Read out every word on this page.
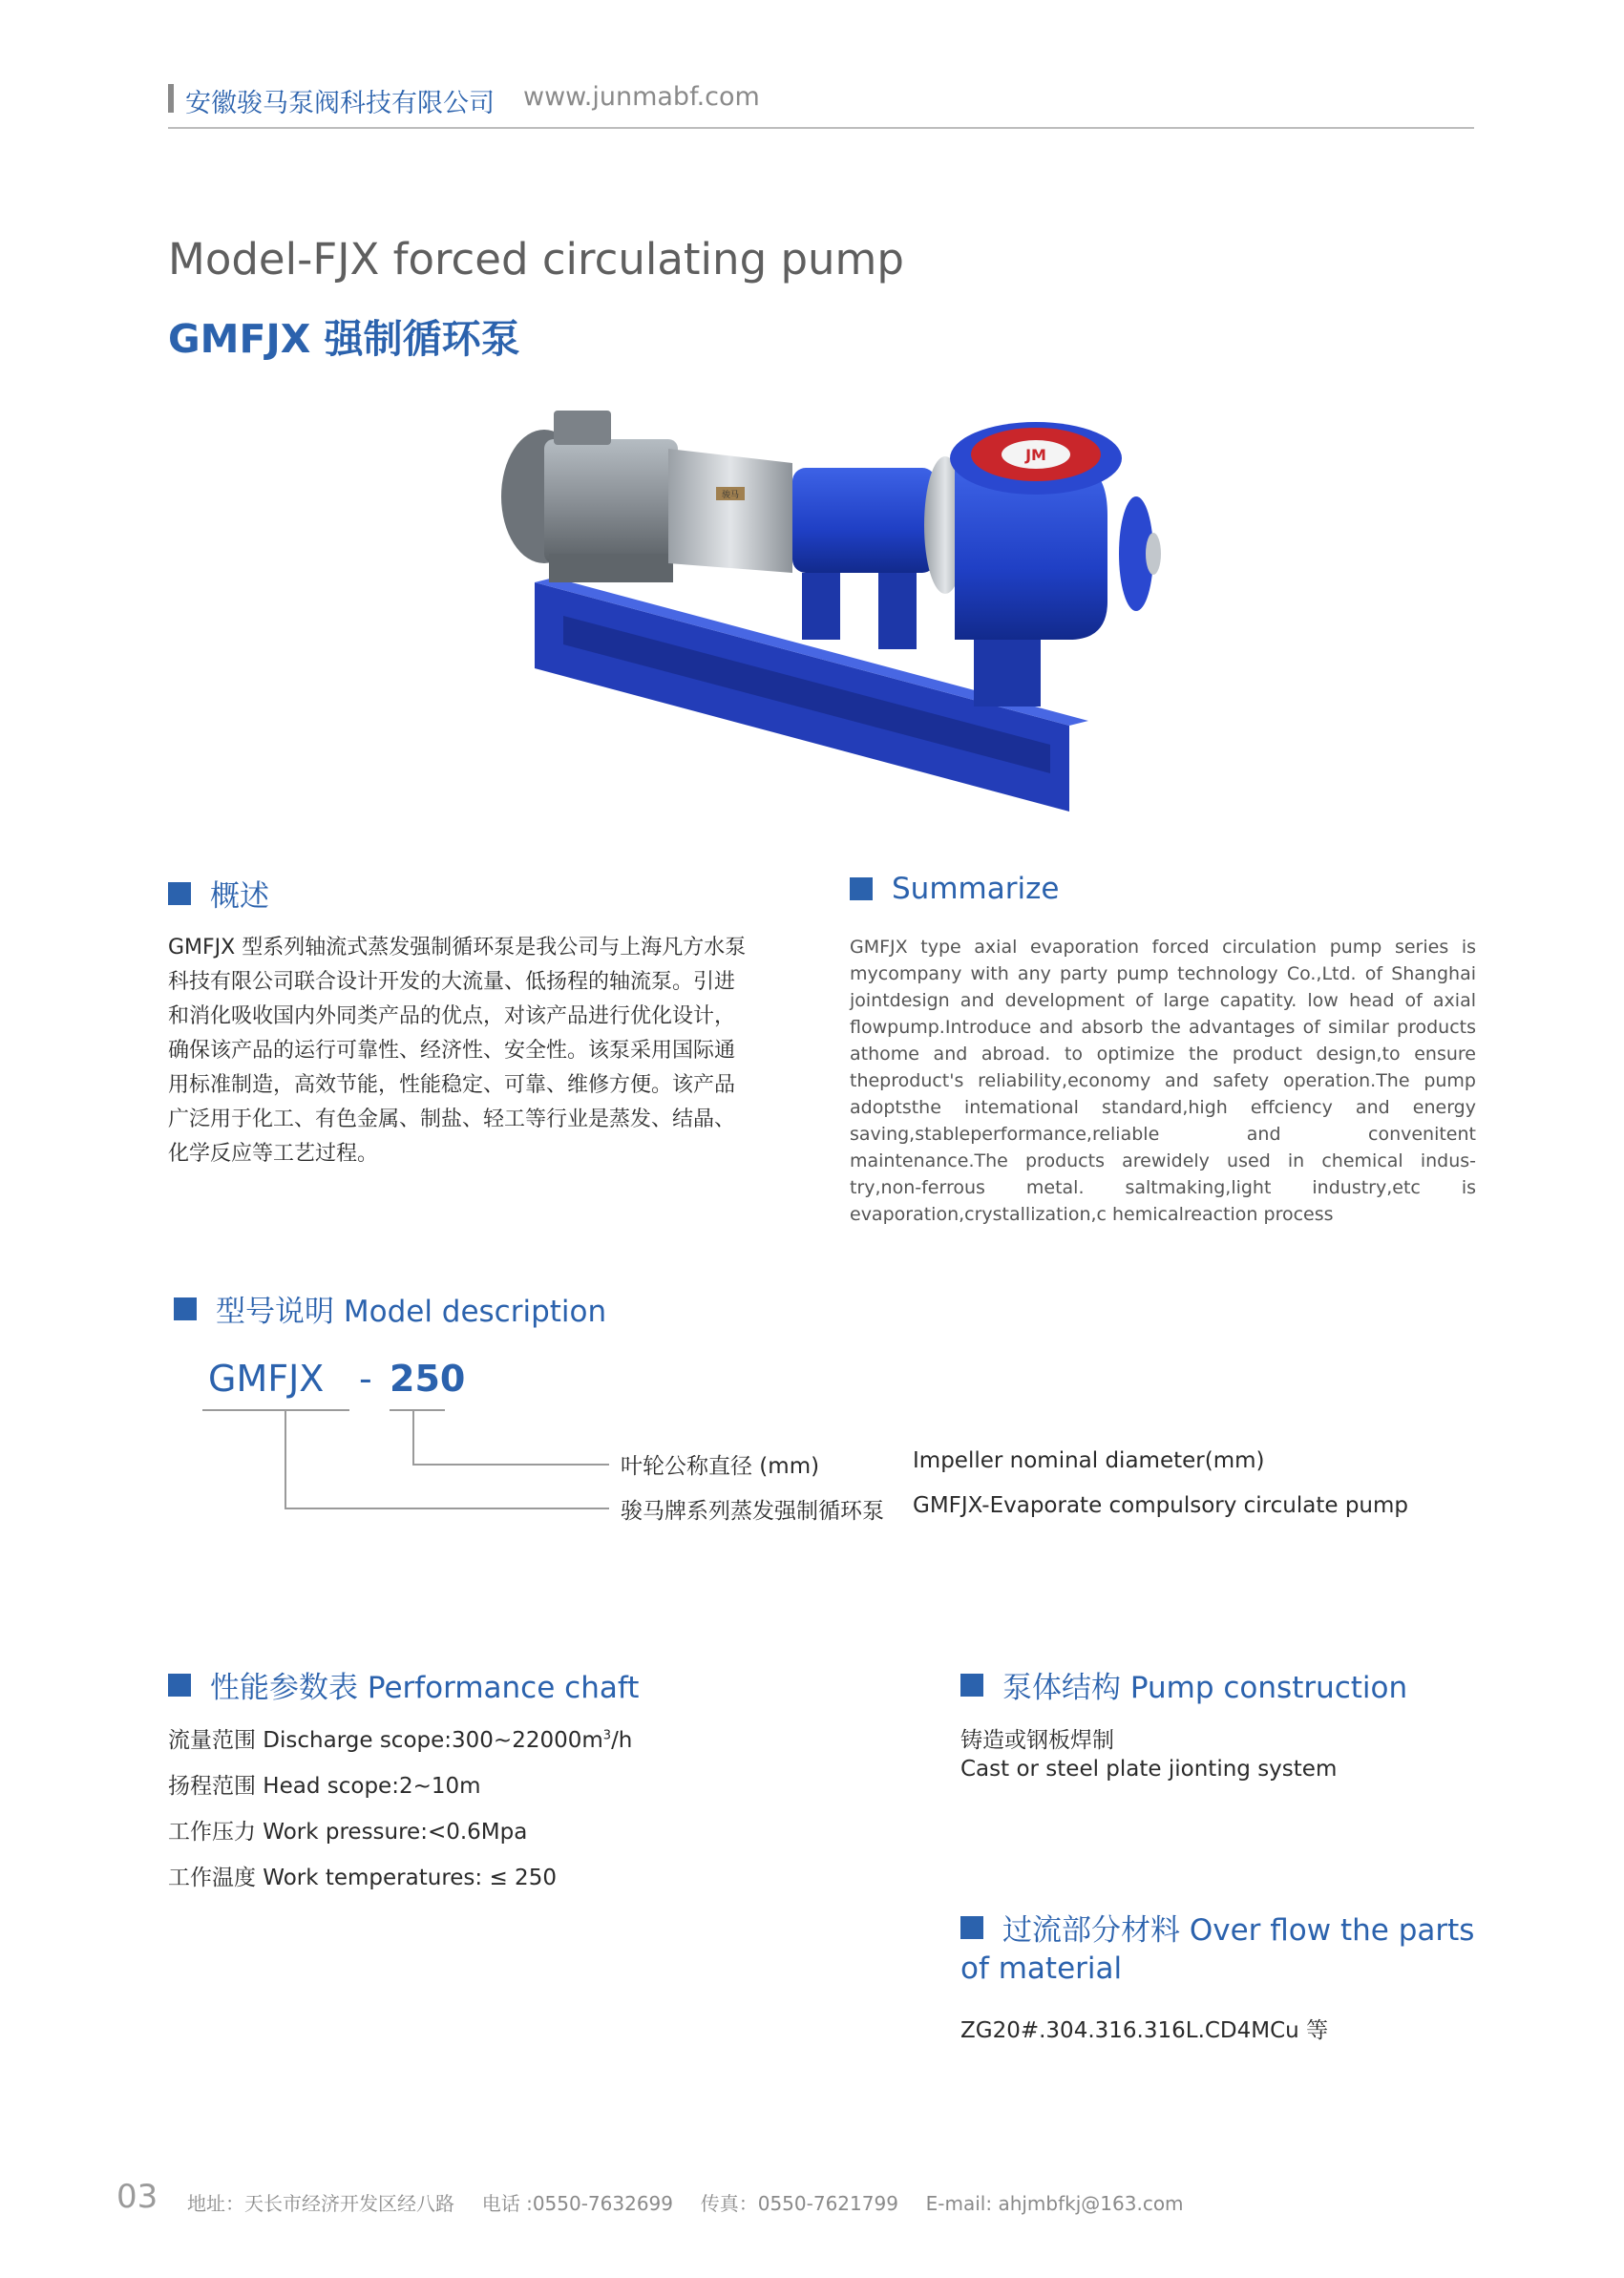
安徽骏马泵阀科技有限公司 www.junmabf.com
Model-FJX forced circulating pump
GMFJX 强制循环泵
骏马
JM
概述
GMFJX 型系列轴流式蒸发强制循环泵是我公司与上海凡方水泵
科技有限公司联合设计开发的大流量、低扬程的轴流泵。引进
和消化吸收国内外同类产品的优点，对该产品进行优化设计，
确保该产品的运行可靠性、经济性、安全性。该泵采用国际通
用标准制造，高效节能，性能稳定、可靠、维修方便。该产品
广泛用于化工、有色金属、制盐、轻工等行业是蒸发、结晶、
化学反应等工艺过程。
Summarize
GMFJX type axial evaporation forced circulation pump series is mycompany with any party pump technology Co.,Ltd. of Shanghai jointdesign and development of large capatity. low head of axial flowpump.Introduce and absorb the advantages of similar products athome and abroad. to optimize the product design,to ensure theproduct's reliability,economy and safety operation.The pump adoptsthe intemational standard,high effciency and energy saving,stableperformance,reliable and convenitent maintenance.The products arewidely used in chemical indus-try,non-ferrous metal. saltmaking,light industry,etc is evaporation,crystallization,c hemicalreaction process
型号说明 Model description
GMFJX - 250
叶轮公称直径 (mm)	Impeller nominal diameter(mm)
骏马牌系列蒸发强制循环泵 GMFJX-Evaporate compulsory circulate pump
性能参数表 Performance chaft
流量范围 Discharge $scope:300\sim 22000m^3/h$
扬程范围 Head scope:2~10m
工作压力 Work pressure:<0.6Mpa
工作温度 Work temperatures: ≤ 250
泵体结构 Pump construction
铸造或钢板焊制
Cast or steel plate jionting system
过流部分材料 Over flow the parts
of material
ZG20#.304.316.316L.CD4MCu 等
03 地址：天长市经济开发区经八路 电话 :0550-7632699 传真：0550-7621799 E-mail: ahjmbfkj@163.com
